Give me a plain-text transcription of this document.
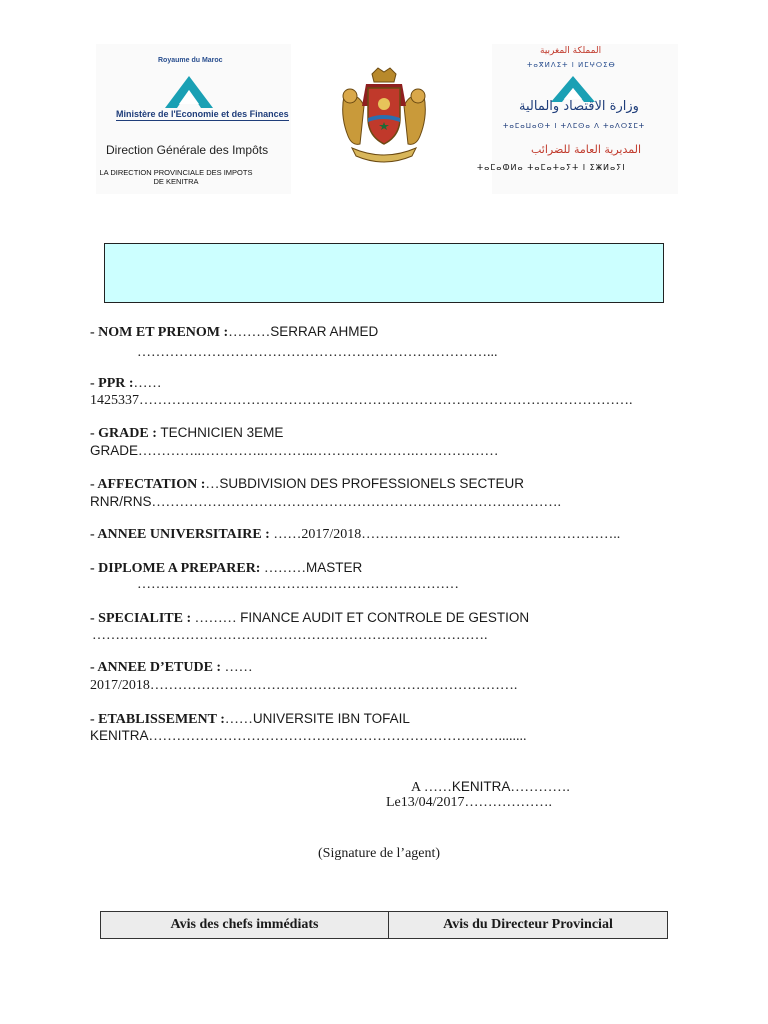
Royaume du Maroc
Ministère de l'Economie et des Finances
Direction Générale des Impôts
LA DIRECTION PROVINCIALE DES IMPOTS
DE KENITRA
المملكة المغربية
ⵜⴰⴳⵍⴷⵉⵜ ⵏ ⵍⵎⵖⵔⵉⴱ
وزارة الاقتصاد والمالية
ⵜⴰⵎⴰⵡⴰⵙⵜ ⵏ ⵜⴷⵎⵙⴰ ⴷ ⵜⴰⴷⵔⵉⵎⵜ
المديرية العامة للضرائب
ⵜⴰⵎⴰⵀⵍⴰ ⵜⴰⵎⴰⵜⴰⵢⵜ ⵏ ⵉⵥⵍⴰⵢⵏ
- NOM ET PRENOM :………SERRAR AHMED
…………………………………………………………………...
- PPR :……
1425337…………………………………………………………………………………………….
- GRADE : TECHNICIEN 3EME
GRADE…………..…………..………..………………….………………
- AFFECTATION :…SUBDIVISION DES PROFESSIONELS SECTEUR
RNR/RNS…………………………………………………………………………….
- ANNEE UNIVERSITAIRE : ……2017/2018………………………………………………..
- DIPLOME A PREPARER: ………MASTER
……………………………………………………………
- SPECIALITE : ……… FINANCE AUDIT ET CONTROLE DE GESTION
………………………………………………………………………….
- ANNEE D’ETUDE : ……
2017/2018…………………………………………………………………….
- ETABLISSEMENT :……UNIVERSITE IBN TOFAIL
KENITRA…………………………………………………………………........
A ……KENITRA………….
Le13/04/2017……………….
(Signature de l’agent)
Avis des chefs immédiats	Avis du Directeur Provincial
